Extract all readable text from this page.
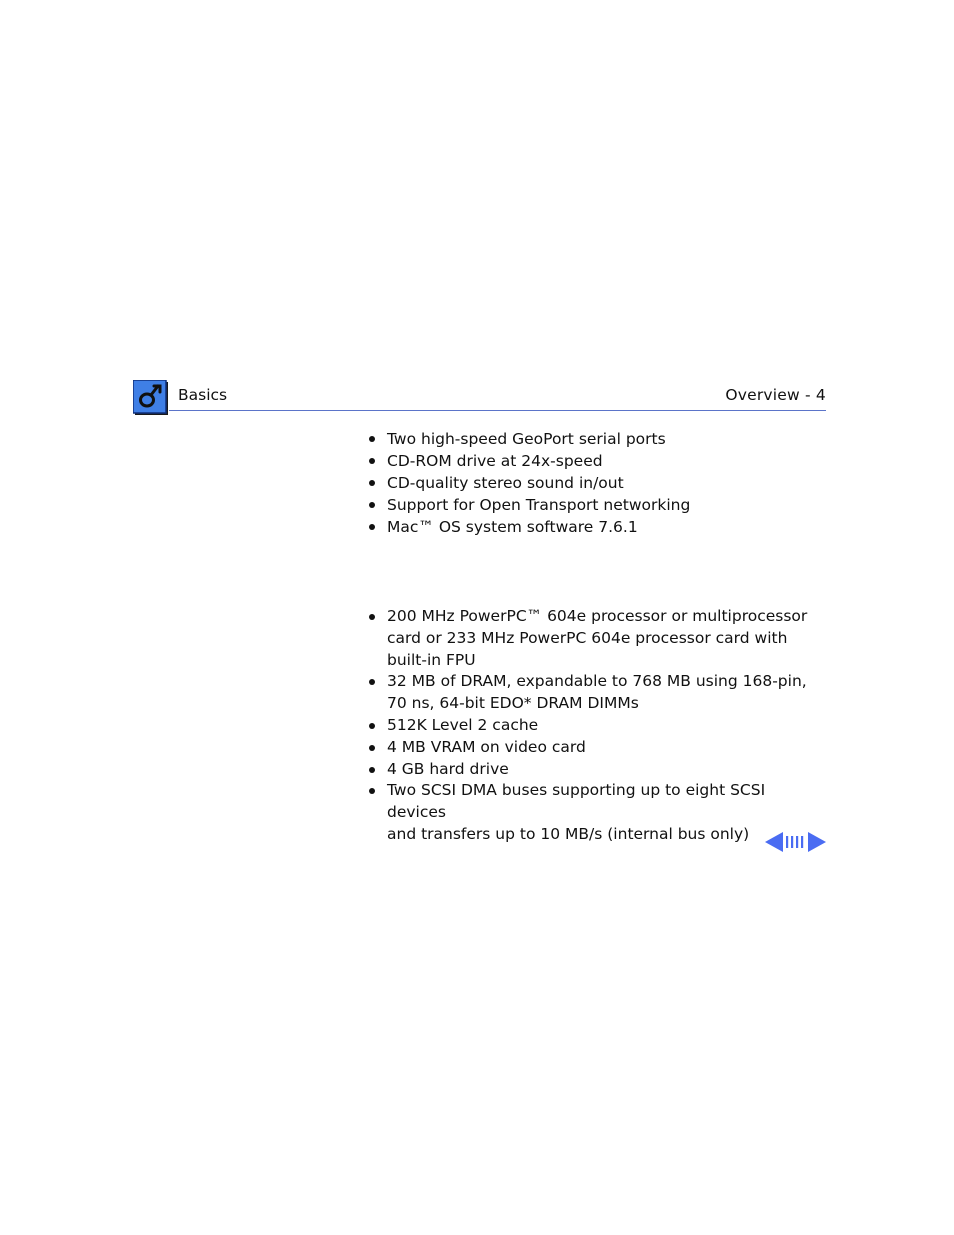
Basics	Overview - 4
Two high-speed GeoPort serial ports
CD-ROM drive at 24x-speed
CD-quality stereo sound in/out
Support for Open Transport networking
Mac™ OS system software 7.6.1
200 MHz PowerPC™ 604e processor or multiprocessor
card or 233 MHz PowerPC 604e processor card with
built-in FPU
32 MB of DRAM, expandable to 768 MB using 168-pin,
70 ns, 64-bit EDO* DRAM DIMMs
512K Level 2 cache
4 MB VRAM on video card
4 GB hard drive
Two SCSI DMA buses supporting up to eight SCSI devices
and transfers up to 10 MB/s (internal bus only)
